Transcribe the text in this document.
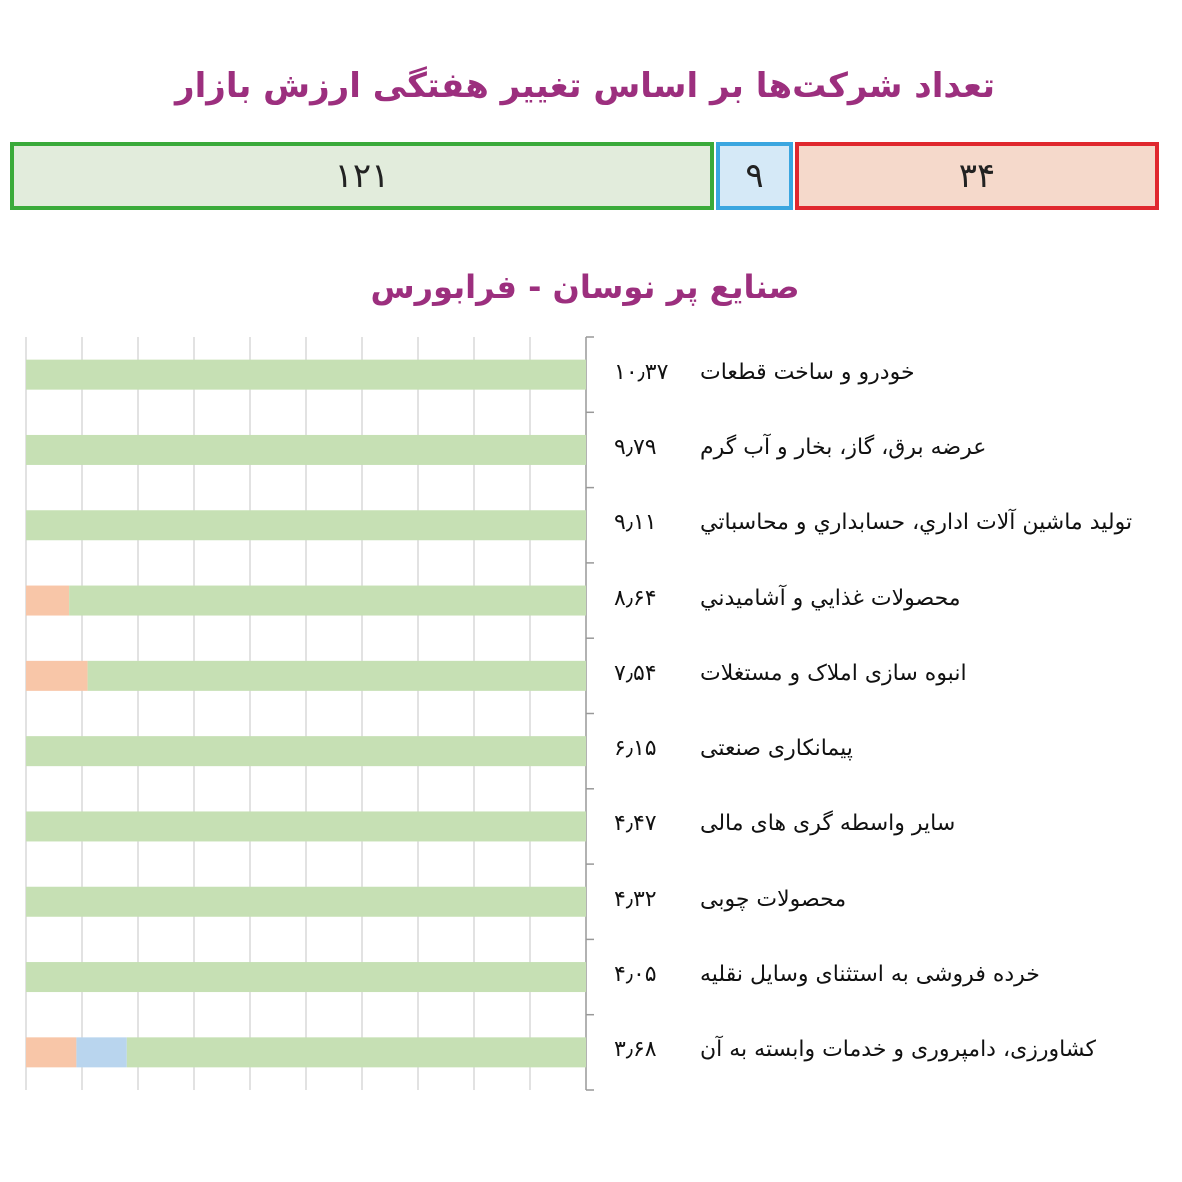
تعداد شرکت‌ها بر اساس تغییر هفتگی ارزش بازار
۱۲۱	۹	۳۴
صنایع پر نوسان - فرابورس
۱۰٫۳۷ خودرو و ساخت قطعات
۹٫۷۹ عرضه برق، گاز، بخار و آب گرم
۹٫۱۱ تولید ماشین آلات اداري، حسابداري و محاسباتي
۸٫۶۴ محصولات غذايي و آشاميدني
۷٫۵۴ انبوه سازی املاک و مستغلات
۶٫۱۵ پیمانکاری صنعتی
۴٫۴۷ سایر واسطه گری های مالی
۴٫۳۲ محصولات چوبی
۴٫۰۵ خرده فروشی به استثنای وسایل نقلیه
۳٫۶۸ کشاورزی، دامپروری و خدمات وابسته به آن
